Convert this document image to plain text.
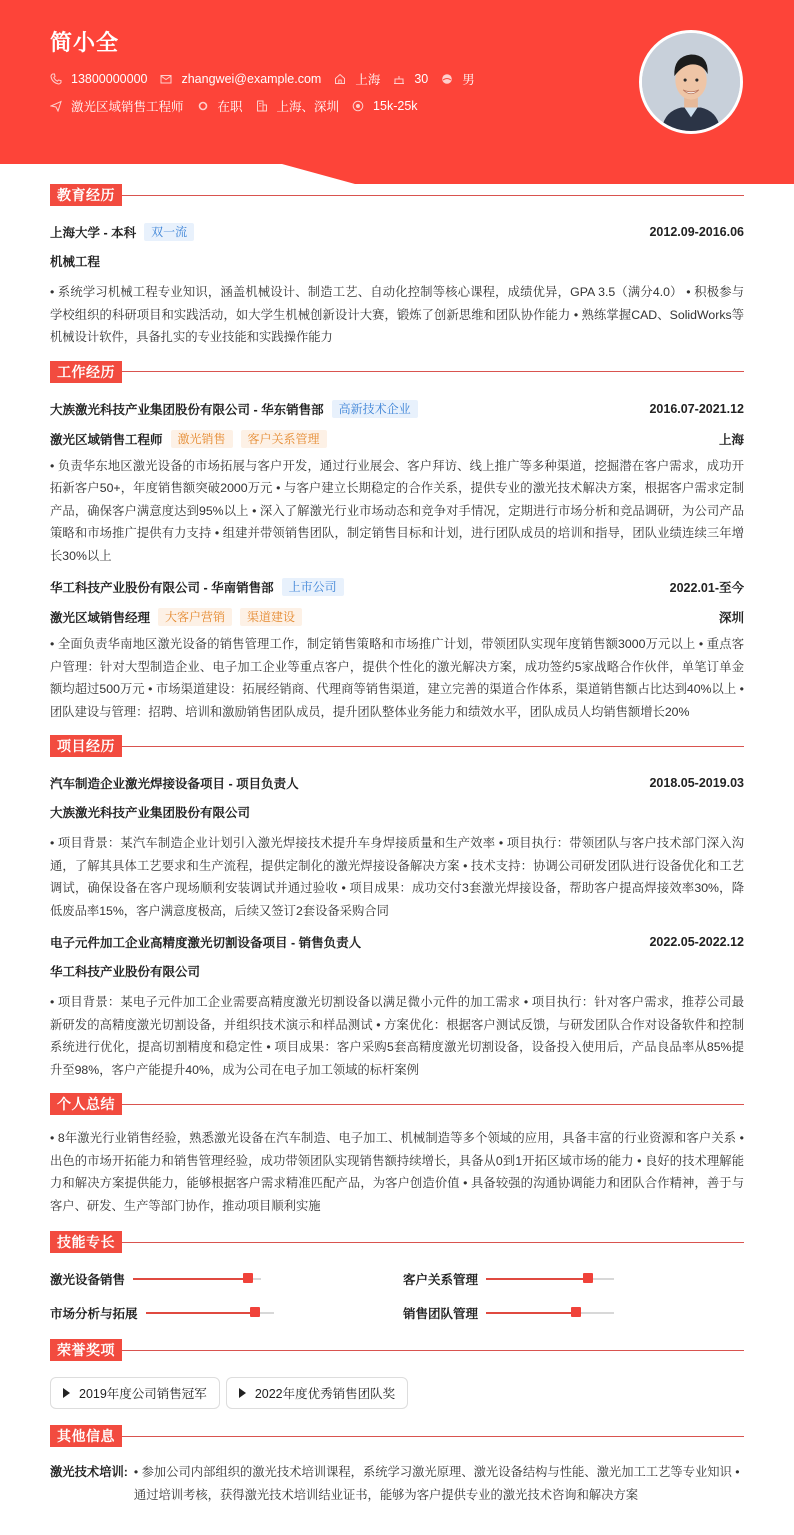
简小全
13800000000	zhangwei@example.com	上海	30	男
激光区域销售工程师	在职	上海、深圳	15k-25k
教育经历
上海大学 - 本科	双一流	2012.09-2016.06
机械工程
• 系统学习机械工程专业知识，涵盖机械设计、制造工艺、自动化控制等核心课程，成绩优异，GPA 3.5（满分4.0） • 积极参与学校组织的科研项目和实践活动，如大学生机械创新设计大赛，锻炼了创新思维和团队协作能力 • 熟练掌握CAD、SolidWorks等机械设计软件，具备扎实的专业技能和实践操作能力
工作经历
大族激光科技产业集团股份有限公司 - 华东销售部	高新技术企业	2016.07-2021.12
激光区域销售工程师	激光销售	客户关系管理	上海
• 负责华东地区激光设备的市场拓展与客户开发，通过行业展会、客户拜访、线上推广等多种渠道，挖掘潜在客户需求，成功开拓新客户50+，年度销售额突破2000万元 • 与客户建立长期稳定的合作关系，提供专业的激光技术解决方案，根据客户需求定制产品，确保客户满意度达到95%以上 • 深入了解激光行业市场动态和竞争对手情况，定期进行市场分析和竞品调研，为公司产品策略和市场推广提供有力支持 • 组建并带领销售团队，制定销售目标和计划，进行团队成员的培训和指导，团队业绩连续三年增长30%以上
华工科技产业股份有限公司 - 华南销售部	上市公司	2022.01-至今
激光区域销售经理	大客户营销	渠道建设	深圳
• 全面负责华南地区激光设备的销售管理工作，制定销售策略和市场推广计划，带领团队实现年度销售额3000万元以上 • 重点客户管理：针对大型制造企业、电子加工企业等重点客户，提供个性化的激光解决方案，成功签约5家战略合作伙伴，单笔订单金额均超过500万元 • 市场渠道建设：拓展经销商、代理商等销售渠道，建立完善的渠道合作体系，渠道销售额占比达到40%以上 • 团队建设与管理：招聘、培训和激励销售团队成员，提升团队整体业务能力和绩效水平，团队成员人均销售额增长20%
项目经历
汽车制造企业激光焊接设备项目 - 项目负责人	2018.05-2019.03
大族激光科技产业集团股份有限公司
• 项目背景：某汽车制造企业计划引入激光焊接技术提升车身焊接质量和生产效率 • 项目执行：带领团队与客户技术部门深入沟通，了解其具体工艺要求和生产流程，提供定制化的激光焊接设备解决方案 • 技术支持：协调公司研发团队进行设备优化和工艺调试，确保设备在客户现场顺利安装调试并通过验收 • 项目成果：成功交付3套激光焊接设备，帮助客户提高焊接效率30%，降低废品率15%，客户满意度极高，后续又签订2套设备采购合同
电子元件加工企业高精度激光切割设备项目 - 销售负责人	2022.05-2022.12
华工科技产业股份有限公司
• 项目背景：某电子元件加工企业需要高精度激光切割设备以满足微小元件的加工需求 • 项目执行：针对客户需求，推荐公司最新研发的高精度激光切割设备，并组织技术演示和样品测试 • 方案优化：根据客户测试反馈，与研发团队合作对设备软件和控制系统进行优化，提高切割精度和稳定性 • 项目成果：客户采购5套高精度激光切割设备，设备投入使用后，产品良品率从85%提升至98%，客户产能提升40%，成为公司在电子加工领域的标杆案例
个人总结
• 8年激光行业销售经验，熟悉激光设备在汽车制造、电子加工、机械制造等多个领域的应用，具备丰富的行业资源和客户关系 • 出色的市场开拓能力和销售管理经验，成功带领团队实现销售额持续增长，具备从0到1开拓区域市场的能力 • 良好的技术理解能力和解决方案提供能力，能够根据客户需求精准匹配产品，为客户创造价值 • 具备较强的沟通协调能力和团队合作精神，善于与客户、研发、生产等部门协作，推动项目顺利实施
技能专长
激光设备销售	客户关系管理
市场分析与拓展	销售团队管理
荣誉奖项
2019年度公司销售冠军	2022年度优秀销售团队奖
其他信息
激光技术培训: • 参加公司内部组织的激光技术培训课程，系统学习激光原理、激光设备结构与性能、激光加工工艺等专业知识 • 通过培训考核，获得激光技术培训结业证书，能够为客户提供专业的激光技术咨询和解决方案
